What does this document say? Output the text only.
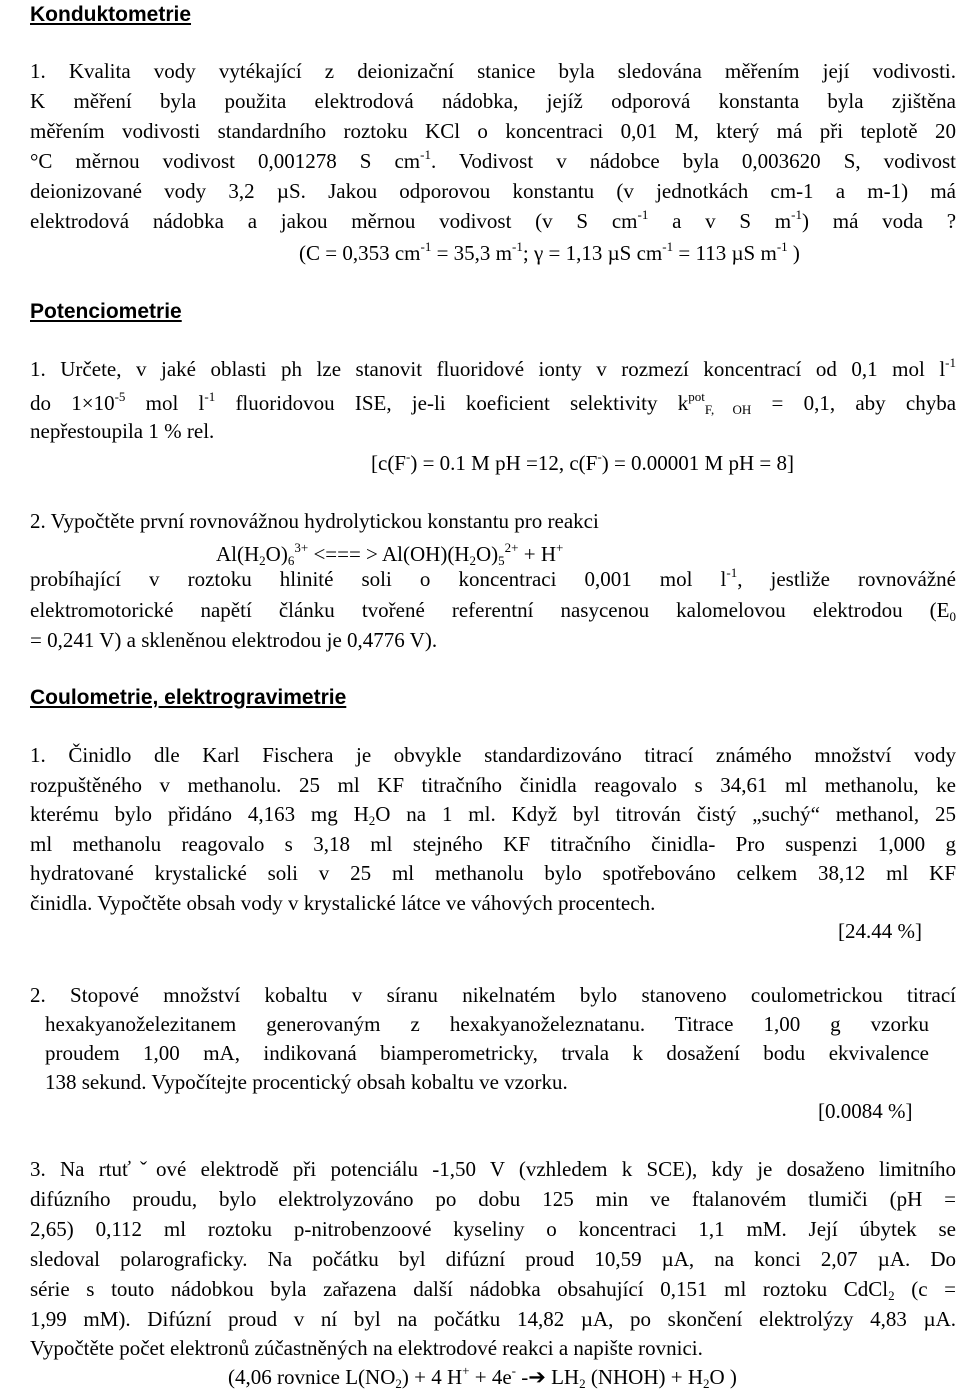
Konduktometrie
1. Kvalita vody vytékající z deionizační stanice byla sledována měřením její vodivosti.
K měření byla použita elektrodová nádobka, jejíž odporová konstanta byla zjištěna
měřením vodivosti standardního roztoku KCl o koncentraci 0,01 M, který má při teplotě 20
°C měrnou vodivost 0,001278 S $cm^{-1}$. Vodivost v nádobce byla 0,003620 S, vodivost
deionizované vody 3,2 µS. Jakou odporovou konstantu (v jednotkách cm-1 a m-1) má
elektrodová nádobka a jakou měrnou vodivost (v S $cm^{-1}$ a v S $m^{-1}$) má voda ?
(C = 0,353 $cm^{-1} = 35,3$ $m^{-1}$; γ = 1,13 µS $cm^{-1} = 113$ µS $m^{-1}$ )
Potenciometrie
1. Určete, v jaké oblasti ph lze stanovit fluoridové ionty v rozmezí koncentrací od 0,1 mol $l^{-1}$
do $1\times 10^{-5}$ mol $l^{-1}$ fluoridovou ISE, je-li koeficient selektivity $k^{pot}_{F, OH} = 0,1$, aby chyba
nepřestoupila 1 % rel.
[c(F-) = 0.1 M pH =12, c(F-) = 0.00001 M pH = 8]
2. Vypočtěte první rovnovážnou hydrolytickou konstantu pro reakci
$Al(H_2O)_6^{3+}$ <=== > $Al(OH)(H_2O)_5^{2+} + H^+$
probíhající v roztoku hlinité soli o koncentraci 0,001 mol $l^{-1}$, jestliže rovnovážné
elektromotorické napětí článku tvořené referentní nasycenou kalomelovou elektrodou ($E_0$
= 0,241 V) a skleněnou elektrodou je 0,4776 V).
Coulometrie, elektrogravimetrie
1. Činidlo dle Karl Fischera je obvykle standardizováno titrací známého množství vody
rozpuštěného v methanolu. 25 ml KF titračního činidla reagovalo s 34,61 ml methanolu, ke
kterému bylo přidáno 4,163 mg $H_2O$ na 1 ml. Když byl titrován čistý „suchý“ methanol, 25
ml methanolu reagovalo s 3,18 ml stejného KF titračního činidla- Pro suspenzi 1,000 g
hydratované krystalické soli v 25 ml methanolu bylo spotřebováno celkem 38,12 ml KF
činidla. Vypočtěte obsah vody v krystalické látce ve váhových procentech.
[24.44 %]
2. Stopové množství kobaltu v síranu nikelnatém bylo stanoveno coulometrickou titrací
hexakyanoželezitanem generovaným z hexakyanoželeznatanu. Titrace 1,00 g vzorku
proudem 1,00 mA, indikovaná biamperometricky, trvala k dosažení bodu ekvivalence
138 sekund. Vypočítejte procentický obsah kobaltu ve vzorku.
[0.0084 %]
3. Na rtuťˇové elektrodě při potenciálu -1,50 V (vzhledem k SCE), kdy je dosaženo limitního
difúzního proudu, bylo elektrolyzováno po dobu 125 min ve ftalanovém tlumiči (pH =
2,65) 0,112 ml roztoku p-nitrobenzoové kyseliny o koncentraci 1,1 mM. Její úbytek se
sledoval polarograficky. Na počátku byl difúzní proud 10,59 µA, na konci 2,07 µA. Do
série s touto nádobkou byla zařazena další nádobka obsahující 0,151 ml roztoku CdCl$_2$ (c =
1,99 mM). Difúzní proud v ní byl na počátku 14,82 µA, po skončení elektrolýzy 4,83 µA.
Vypočtěte počet elektronů zúčastněných na elektrodové reakci a napište rovnici.
(4,06 rovnice $L(NO_2) + 4$ H+ + 4e- -➔ $LH_2$ (NHOH) + $H_2O$ )
